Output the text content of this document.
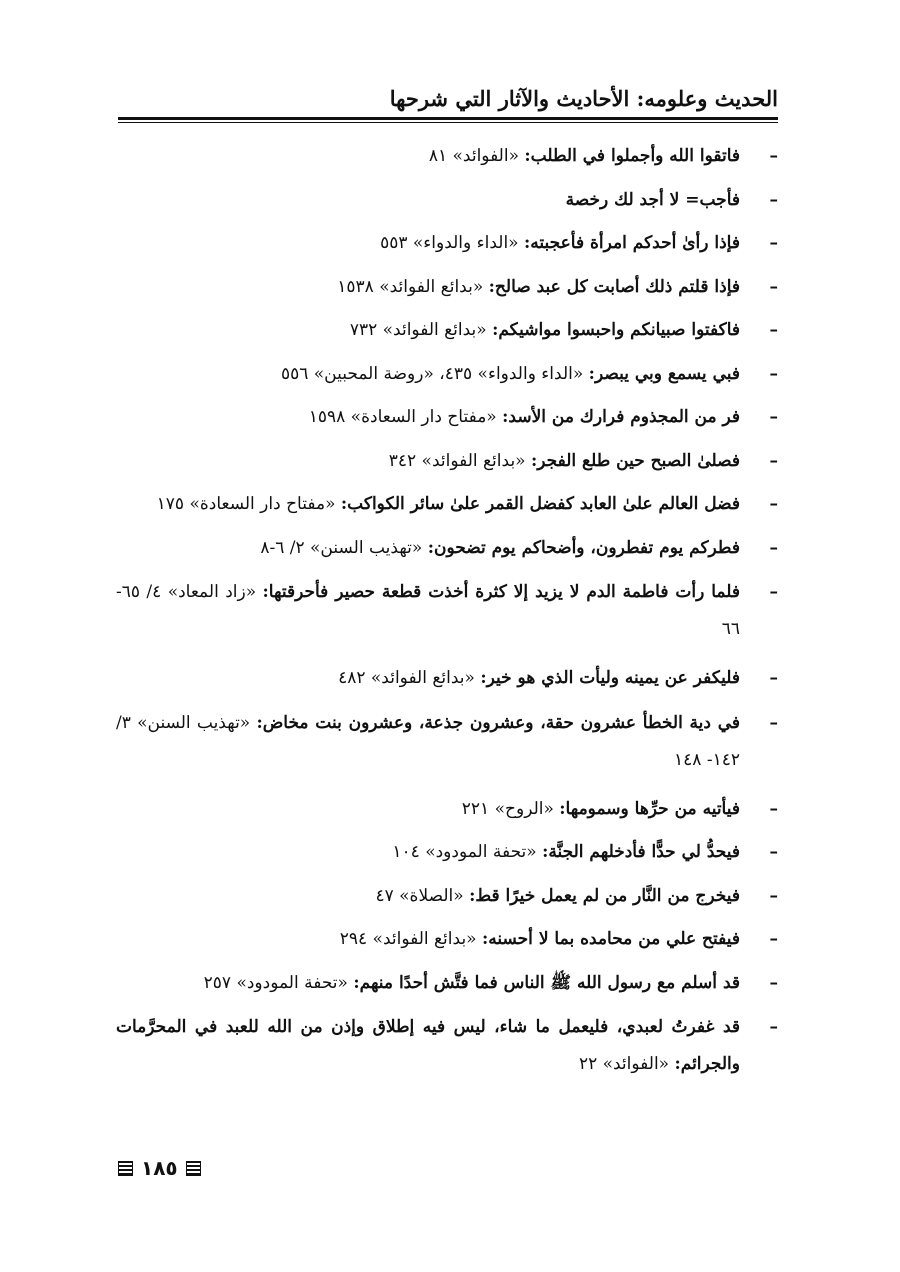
الحديث وعلومه: الأحاديث والآثار التي شرحها
–
فاتقوا الله وأجملوا في الطلب: «الفوائد» ٨١
–
فأجب= لا أجد لك رخصة
–
فإذا رأىٰ أحدكم امرأة فأعجبته: «الداء والدواء» ٥٥٣
–
فإذا قلتم ذلك أصابت كل عبد صالح: «بدائع الفوائد» ١٥٣٨
–
فاكفتوا صبيانكم واحبسوا مواشيكم: «بدائع الفوائد» ٧٣٢
–
فبي يسمع وبي يبصر: «الداء والدواء» ٤٣٥، «روضة المحبين» ٥٥٦
–
فر من المجذوم فرارك من الأسد: «مفتاح دار السعادة» ١٥٩٨
–
فصلىٰ الصبح حين طلع الفجر: «بدائع الفوائد» ٣٤٢
–
فضل العالم علىٰ العابد كفضل القمر علىٰ سائر الكواكب: «مفتاح دار السعادة» ١٧٥
–
فطركم يوم تفطرون، وأضحاكم يوم تضحون: «تهذيب السنن» ٢/ ٦-٨
–
فلما رأت فاطمة الدم لا يزيد إلا كثرة أخذت قطعة حصير فأحرقتها: «زاد المعاد» ٤/ ٦٥- ٦٦
–
فليكفر عن يمينه وليأت الذي هو خير: «بدائع الفوائد» ٤٨٢
–
في دية الخطأ عشرون حقة، وعشرون جذعة، وعشرون بنت مخاض: «تهذيب السنن» ٣/ ١٤٢- ١٤٨
–
فيأتيه من حرِّها وسمومها: «الروح» ٢٢١
–
فيحدُّ لي حدًّا فأدخلهم الجنَّة: «تحفة المودود» ١٠٤
–
فيخرج من النَّار من لم يعمل خيرًا قط: «الصلاة» ٤٧
–
فيفتح علي من محامده بما لا أحسنه: «بدائع الفوائد» ٢٩٤
–
قد أسلم مع رسول الله ﷺ الناس فما فتَّش أحدًا منهم: «تحفة المودود» ٢٥٧
–
قد غفرتُ لعبدي، فليعمل ما شاء، ليس فيه إطلاق وإذن من الله للعبد في المحرَّمات والجرائم: «الفوائد» ٢٢
١٨٥
